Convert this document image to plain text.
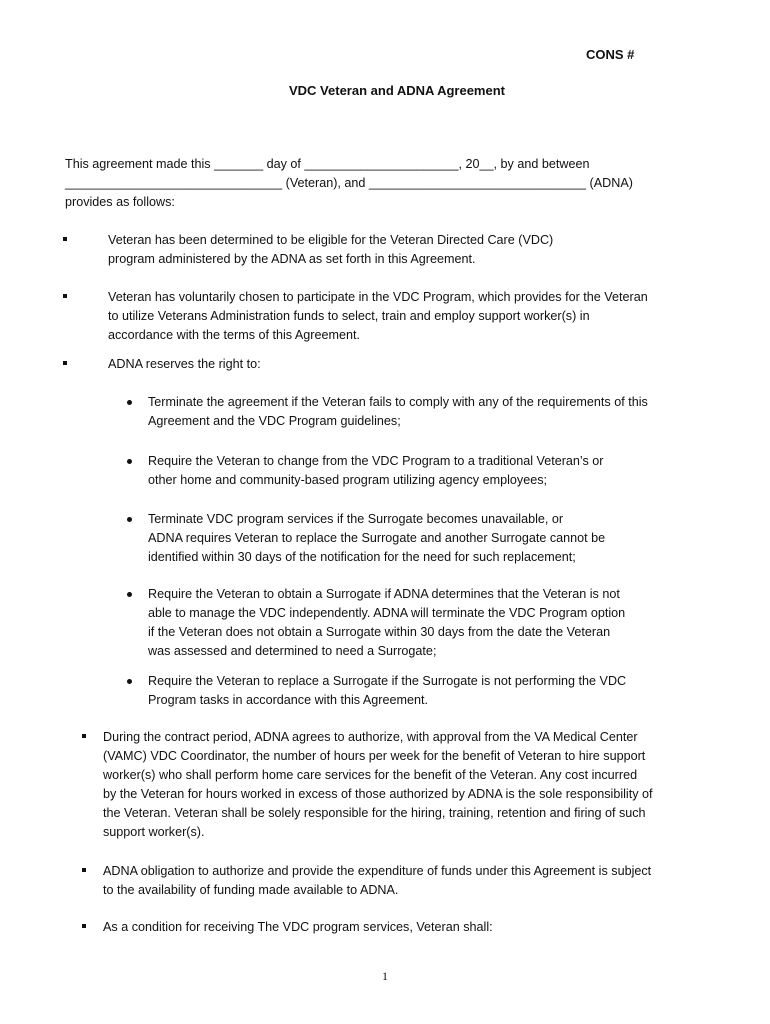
CONS #
VDC Veteran and ADNA Agreement
This agreement made this _______ day of ______________________, 20__, by and between
_______________________________ (Veteran), and _______________________________ (ADNA)
provides as follows:
Veteran has been determined to be eligible for the Veteran Directed Care (VDC)
program administered by the ADNA as set forth in this Agreement.
Veteran has voluntarily chosen to participate in the VDC Program, which provides for the Veteran
to utilize Veterans Administration funds to select, train and employ support worker(s) in
accordance with the terms of this Agreement.
ADNA reserves the right to:
Terminate the agreement if the Veteran fails to comply with any of the requirements of this
Agreement and the VDC Program guidelines;
Require the Veteran to change from the VDC Program to a traditional Veteran’s or
other home and community-based program utilizing agency employees;
Terminate VDC program services if the Surrogate becomes unavailable, or
ADNA requires Veteran to replace the Surrogate and another Surrogate cannot be
identified within 30 days of the notification for the need for such replacement;
Require the Veteran to obtain a Surrogate if ADNA determines that the Veteran is not
able to manage the VDC independently. ADNA will terminate the VDC Program option
if the Veteran does not obtain a Surrogate within 30 days from the date the Veteran
was assessed and determined to need a Surrogate;
Require the Veteran to replace a Surrogate if the Surrogate is not performing the VDC
Program tasks in accordance with this Agreement.
During the contract period, ADNA agrees to authorize, with approval from the VA Medical Center
(VAMC) VDC Coordinator, the number of hours per week for the benefit of Veteran to hire support
worker(s) who shall perform home care services for the benefit of the Veteran. Any cost incurred
by the Veteran for hours worked in excess of those authorized by ADNA is the sole responsibility of
the Veteran. Veteran shall be solely responsible for the hiring, training, retention and firing of such
support worker(s).
ADNA obligation to authorize and provide the expenditure of funds under this Agreement is subject
to the availability of funding made available to ADNA.
As a condition for receiving The VDC program services, Veteran shall:
1
